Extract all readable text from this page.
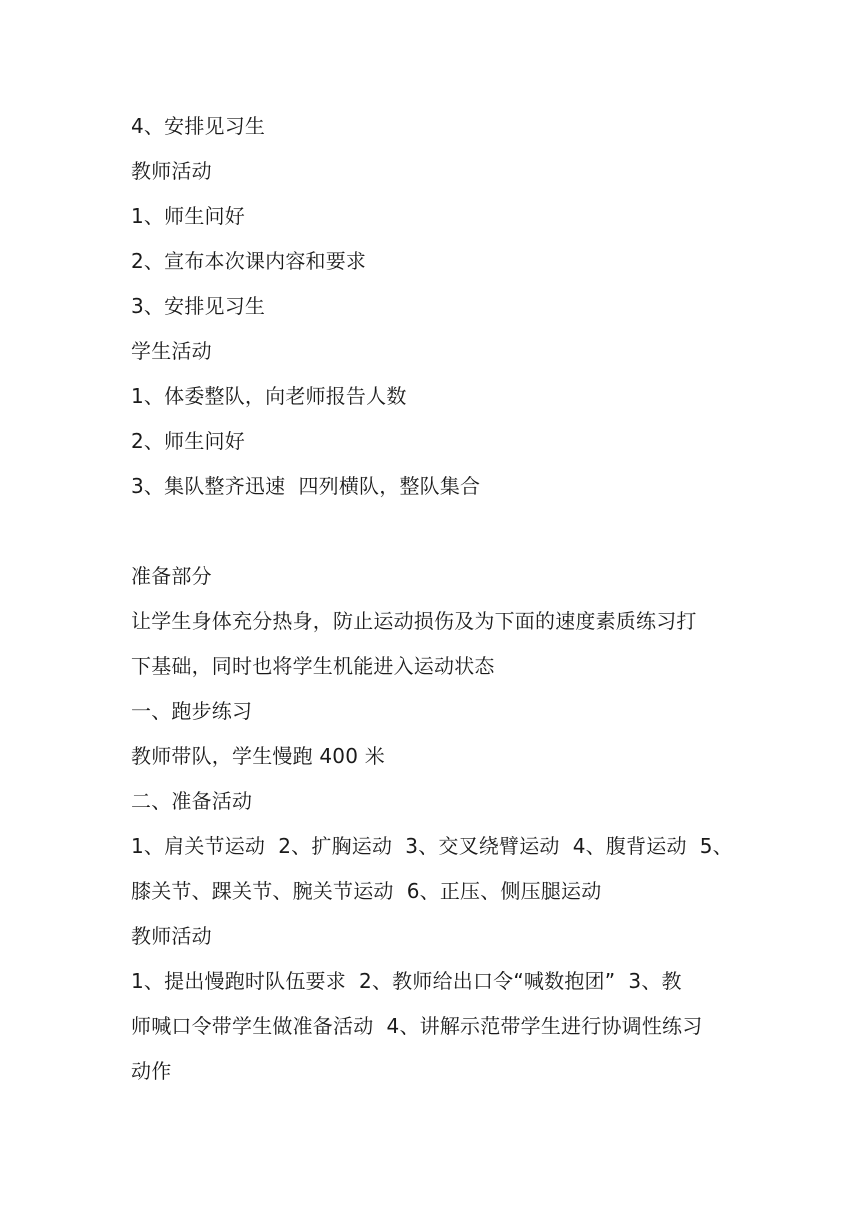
4、安排见习生
教师活动
1、师生问好
2、宣布本次课内容和要求
3、安排见习生
学生活动
1、体委整队，向老师报告人数
2、师生问好
3、集队整齐迅速  四列横队，整队集合
准备部分
让学生身体充分热身，防止运动损伤及为下面的速度素质练习打
下基础，同时也将学生机能进入运动状态
一、跑步练习
教师带队，学生慢跑 400 米
二、准备活动
1、肩关节运动  2、扩胸运动  3、交叉绕臂运动  4、腹背运动  5、
膝关节、踝关节、腕关节运动  6、正压、侧压腿运动
教师活动
1、提出慢跑时队伍要求  2、教师给出口令“喊数抱团”  3、教
师喊口令带学生做准备活动  4、讲解示范带学生进行协调性练习
动作
